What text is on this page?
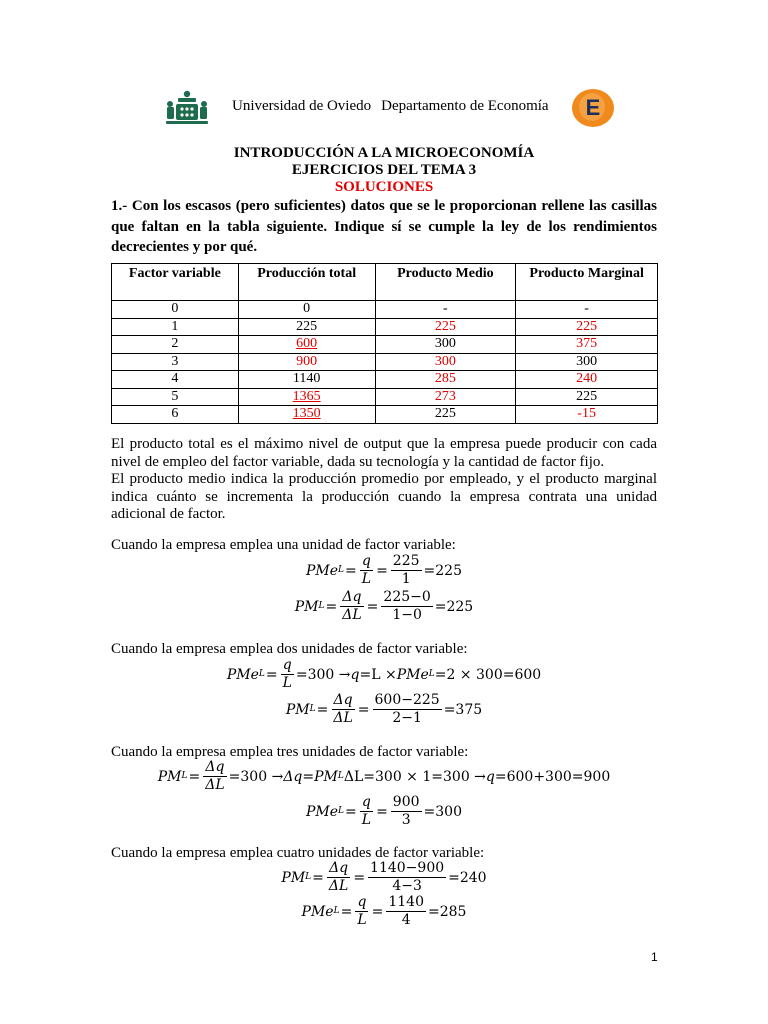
Universidad de Oviedo Departamento de Economía E
INTRODUCCIÓN A LA MICROECONOMÍA
EJERCICIOS DEL TEMA 3
SOLUCIONES
1.- Con los escasos (pero suficientes) datos que se le proporcionan rellene las casillas que faltan en la tabla siguiente. Indique sí se cumple la ley de los rendimientos decrecientes y por qué.
Factor variable	Producción total	Producto Medio	Producto Marginal
0	0	-	-
1	225	225	225
2	600	300	375
3	900	300	300
4	1140	285	240
5	1365	273	225
6	1350	225	-15
El producto total es el máximo nivel de output que la empresa puede producir con cada nivel de empleo del factor variable, dada su tecnología y la cantidad de factor fijo.
El producto medio indica la producción promedio por empleado, y el producto marginal indica cuánto se incrementa la producción cuando la empresa contrata una unidad adicional de factor.
Cuando la empresa emplea una unidad de factor variable:
PMe $L = \frac{q}{L} = \frac{225}{1} =225$
PM $L = \frac{\Delta q}{\Delta L} = \frac{225-0}{1-0} =225$
Cuando la empresa emplea dos unidades de factor variable:
PMe $L = \frac{q}{L} =300 \to q =L$ × PMe L =2 × 300=600
PM $L = \frac{\Delta q}{\Delta L} = \frac{600-225}{2-1} =375$
Cuando la empresa emplea tres unidades de factor variable:
PM $L = \frac{\Delta q}{\Delta L} =300 \to \Delta q$ = PM L ΔL=300 × 1=300 → q =600+300=900
PMe $L = \frac{q}{L} = \frac{900}{3} =300$
Cuando la empresa emplea cuatro unidades de factor variable:
PM $L = \frac{\Delta q}{\Delta L} = \frac{1140-900}{4-3} =240$
PMe $L = \frac{q}{L} = \frac{1140}{4} =285$
1
